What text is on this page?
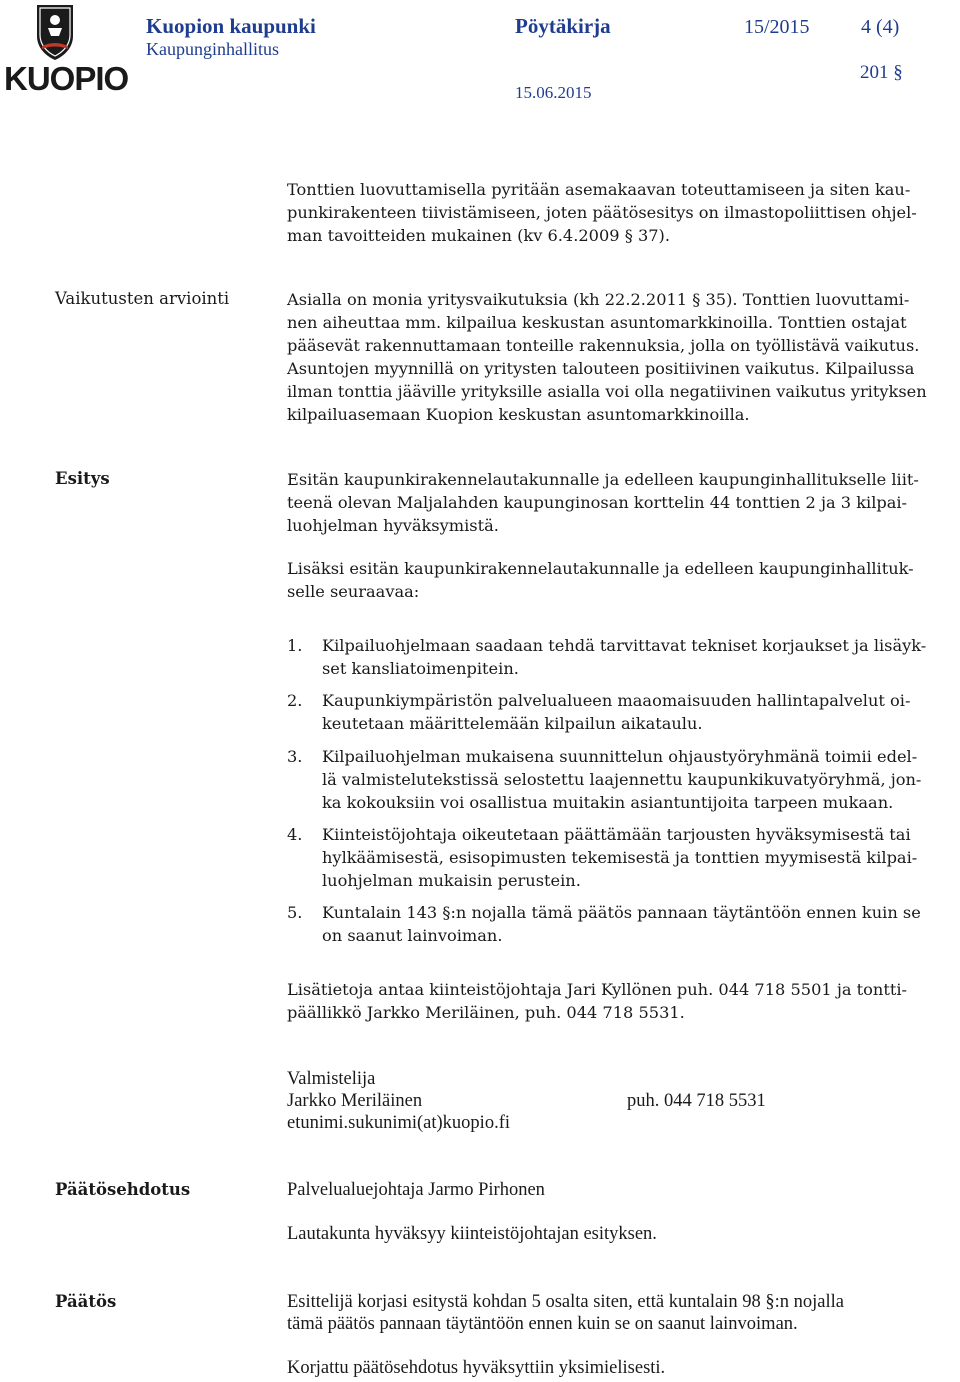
KUOPIO
Kuopion kaupunki
Kaupunginhallitus
Pöytäkirja	15/2015	4 (4)
201 §
15.06.2015
Tonttien luovuttamisella pyritään asemakaavan toteuttamiseen ja siten kau-
punkirakenteen tiivistämiseen, joten päätösesitys on ilmastopoliittisen ohjel-
man tavoitteiden mukainen (kv 6.4.2009 § 37).
Vaikutusten arviointi	Asialla on monia yritysvaikutuksia (kh 22.2.2011 § 35). Tonttien luovuttami-
nen aiheuttaa mm. kilpailua keskustan asuntomarkkinoilla. Tonttien ostajat
pääsevät rakennuttamaan tonteille rakennuksia, jolla on työllistävä vaikutus.
Asuntojen myynnillä on yritysten talouteen positiivinen vaikutus. Kilpailussa
ilman tonttia jääville yrityksille asialla voi olla negatiivinen vaikutus yrityksen
kilpailuasemaan Kuopion keskustan asuntomarkkinoilla.
Esitys	Esitän kaupunkirakennelautakunnalle ja edelleen kaupunginhallitukselle liit-
teenä olevan Maljalahden kaupunginosan korttelin 44 tonttien 2 ja 3 kilpai-
luohjelman hyväksymistä.
Lisäksi esitän kaupunkirakennelautakunnalle ja edelleen kaupunginhallituk-
selle seuraavaa:
1.	Kilpailuohjelmaan saadaan tehdä tarvittavat tekniset korjaukset ja lisäyk-
set kansliatoimenpitein.
2.	Kaupunkiympäristön palvelualueen maaomaisuuden hallintapalvelut oi-
keutetaan määrittelemään kilpailun aikataulu.
3.	Kilpailuohjelman mukaisena suunnittelun ohjaustyöryhmänä toimii edel-
lä valmistelutekstissä selostettu laajennettu kaupunkikuvatyöryhmä, jon-
ka kokouksiin voi osallistua muitakin asiantuntijoita tarpeen mukaan.
4.	Kiinteistöjohtaja oikeutetaan päättämään tarjousten hyväksymisestä tai
hylkäämisestä, esisopimusten tekemisestä ja tonttien myymisestä kilpai-
luohjelman mukaisin perustein.
5.	Kuntalain 143 §:n nojalla tämä päätös pannaan täytäntöön ennen kuin se
on saanut lainvoiman.
Lisätietoja antaa kiinteistöjohtaja Jari Kyllönen puh. 044 718 5501 ja tontti-
päällikkö Jarkko Meriläinen, puh. 044 718 5531.
Valmistelija
Jarkko Meriläinen
etunimi.sukunimi(at)kuopio.fi
puh. 044 718 5531
Päätösehdotus	Palvelualuejohtaja Jarmo Pirhonen
Lautakunta hyväksyy kiinteistöjohtajan esityksen.
Päätös	Esittelijä korjasi esitystä kohdan 5 osalta siten, että kuntalain 98 §:n nojalla
tämä päätös pannaan täytäntöön ennen kuin se on saanut lainvoiman.
Korjattu päätösehdotus hyväksyttiin yksimielisesti.
